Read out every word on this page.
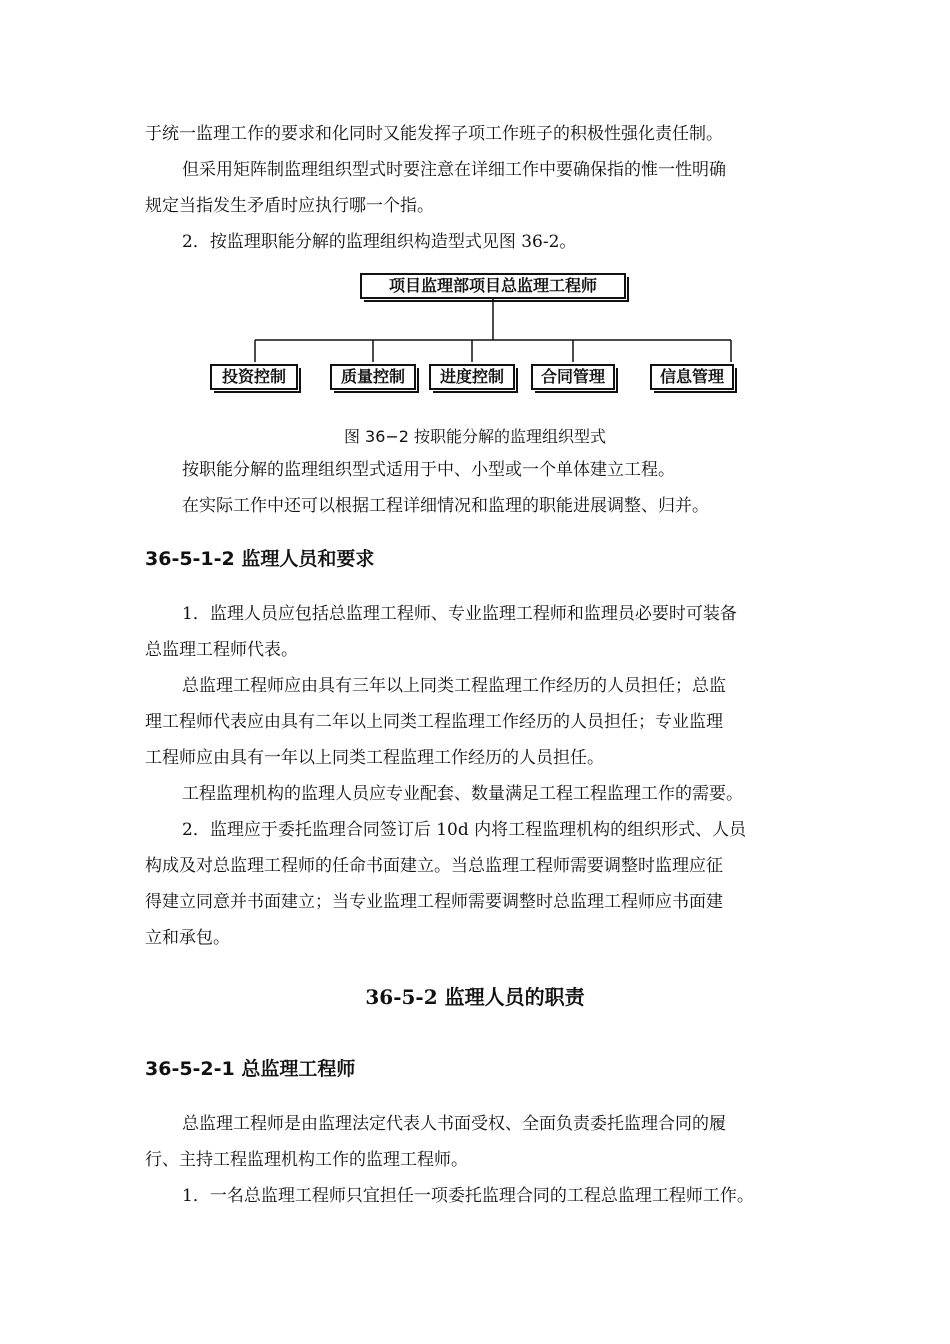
于统一监理工作的要求和化同时又能发挥子项工作班子的积极性强化责任制。

但采用矩阵制监理组织型式时要注意在详细工作中要确保指的惟一性明确

规定当指发生矛盾时应执行哪一个指。

2．按监理职能分解的监理组织构造型式见图 36-2。

项目监理部项目总监理工程师
投资控制	质量控制	进度控制	合同管理	信息管理
图 36−2 按职能分解的监理组织型式

按职能分解的监理组织型式适用于中、小型或一个单体建立工程。

在实际工作中还可以根据工程详细情况和监理的职能进展调整、归并。

36-5-1-2 监理人员和要求

1．监理人员应包括总监理工程师、专业监理工程师和监理员必要时可装备

总监理工程师代表。

总监理工程师应由具有三年以上同类工程监理工作经历的人员担任；总监

理工程师代表应由具有二年以上同类工程监理工作经历的人员担任；专业监理

工程师应由具有一年以上同类工程监理工作经历的人员担任。

工程监理机构的监理人员应专业配套、数量满足工程工程监理工作的需要。

2．监理应于委托监理合同签订后 10d 内将工程监理机构的组织形式、人员

构成及对总监理工程师的任命书面建立。当总监理工程师需要调整时监理应征

得建立同意并书面建立；当专业监理工程师需要调整时总监理工程师应书面建

立和承包。

36-5-2 监理人员的职责
36-5-2-1 总监理工程师

总监理工程师是由监理法定代表人书面受权、全面负责委托监理合同的履

行、主持工程监理机构工作的监理工程师。

1．一名总监理工程师只宜担任一项委托监理合同的工程总监理工程师工作。
